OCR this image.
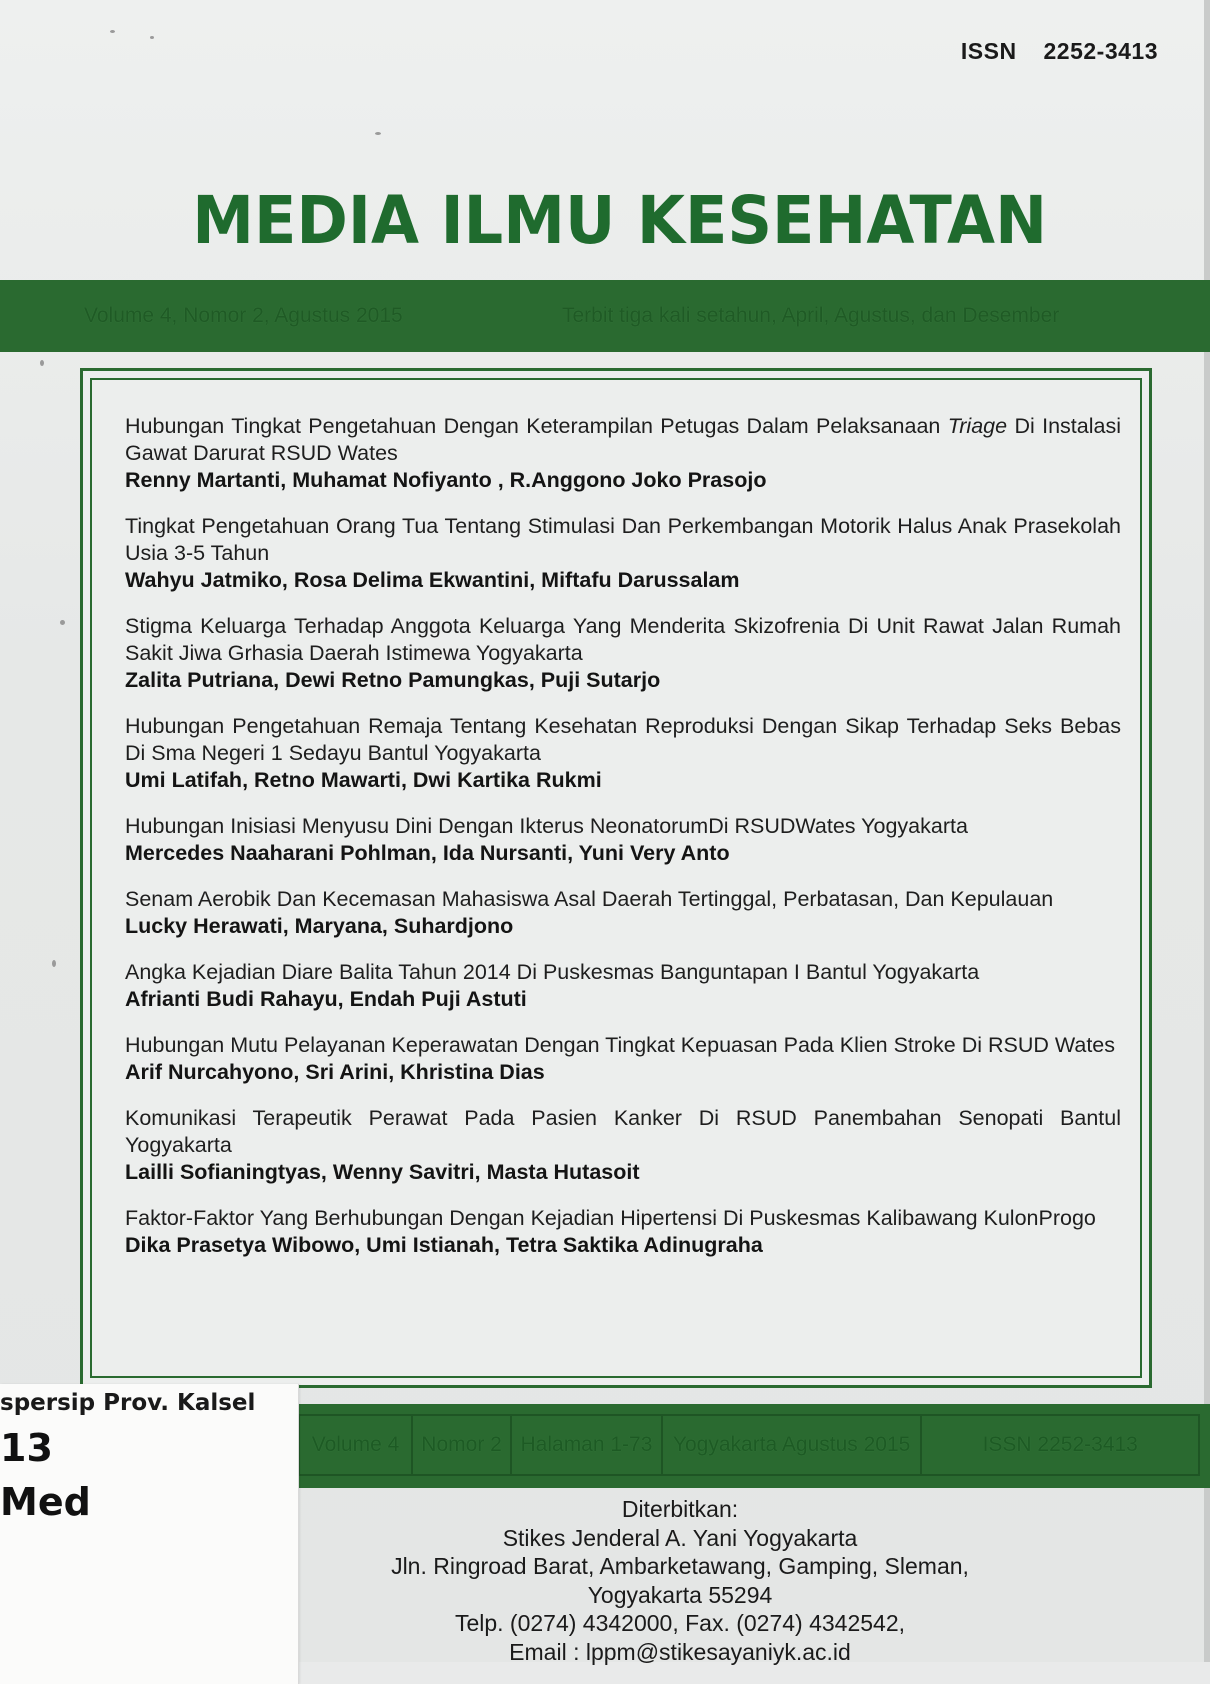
ISSN 2252-3413
MEDIA ILMU KESEHATAN
Volume 4, Nomor 2, Agustus 2015	Terbit tiga kali setahun, April, Agustus, dan Desember
Hubungan Tingkat Pengetahuan Dengan Keterampilan Petugas Dalam Pelaksanaan Triage Di Instalasi Gawat Darurat RSUD Wates
Renny Martanti, Muhamat Nofiyanto , R.Anggono Joko Prasojo
Tingkat Pengetahuan Orang Tua Tentang Stimulasi Dan Perkembangan Motorik Halus Anak Prasekolah Usia 3-5 Tahun
Wahyu Jatmiko, Rosa Delima Ekwantini, Miftafu Darussalam
Stigma Keluarga Terhadap Anggota Keluarga Yang Menderita Skizofrenia Di Unit Rawat Jalan Rumah Sakit Jiwa Grhasia Daerah Istimewa Yogyakarta
Zalita Putriana, Dewi Retno Pamungkas, Puji Sutarjo
Hubungan Pengetahuan Remaja Tentang Kesehatan Reproduksi Dengan Sikap Terhadap Seks Bebas Di Sma Negeri 1 Sedayu Bantul Yogyakarta
Umi Latifah, Retno Mawarti, Dwi Kartika Rukmi
Hubungan Inisiasi Menyusu Dini Dengan Ikterus NeonatorumDi RSUDWates Yogyakarta
Mercedes Naaharani Pohlman, Ida Nursanti, Yuni Very Anto
Senam Aerobik Dan Kecemasan Mahasiswa Asal Daerah Tertinggal, Perbatasan, Dan Kepulauan
Lucky Herawati, Maryana, Suhardjono
Angka Kejadian Diare Balita Tahun 2014 Di Puskesmas Banguntapan I Bantul Yogyakarta
Afrianti Budi Rahayu, Endah Puji Astuti
Hubungan Mutu Pelayanan Keperawatan Dengan Tingkat Kepuasan Pada Klien Stroke Di RSUD Wates
Arif Nurcahyono, Sri Arini, Khristina Dias
Komunikasi Terapeutik Perawat Pada Pasien Kanker Di RSUD Panembahan Senopati Bantul Yogyakarta
Lailli Sofianingtyas, Wenny Savitri, Masta Hutasoit
Faktor-Faktor Yang Berhubungan Dengan Kejadian Hipertensi Di Puskesmas Kalibawang KulonProgo
Dika Prasetya Wibowo, Umi Istianah, Tetra Saktika Adinugraha
Volume 4	Nomor 2 Halaman 1-73 Yogyakarta Agustus 2015	ISSN 2252-3413
spersip Prov. Kalsel
13
Med	Diterbitkan:
Stikes Jenderal A. Yani Yogyakarta
Jln. Ringroad Barat, Ambarketawang, Gamping, Sleman,
Yogyakarta 55294
Telp. (0274) 4342000, Fax. (0274) 4342542,
Email : lppm@stikesayaniyk.ac.id
